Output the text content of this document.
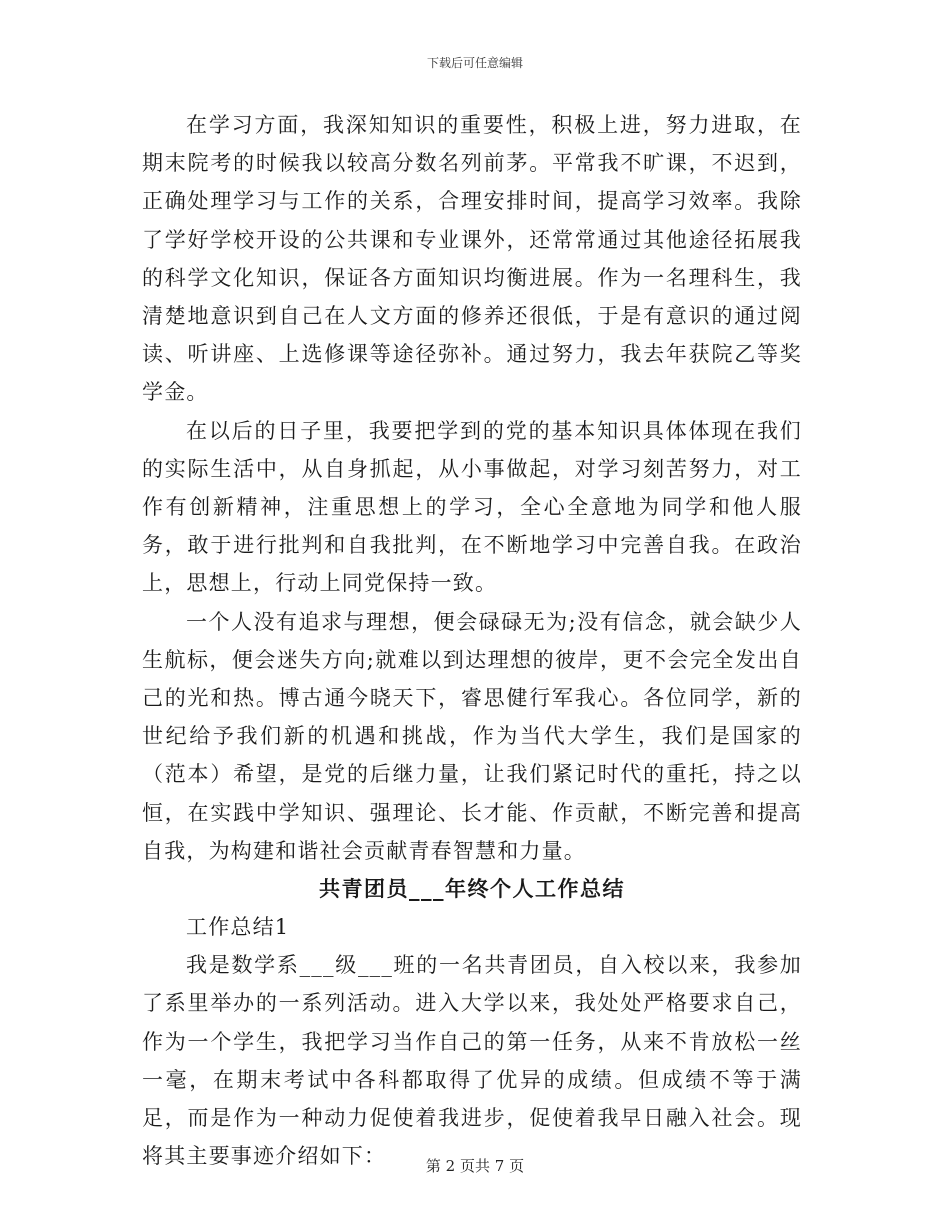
下载后可任意编辑

在学习方面，我深知知识的重要性，积极上进，努力进取，在期末院考的时候我以较高分数名列前茅。平常我不旷课，不迟到，正确处理学习与工作的关系，合理安排时间，提高学习效率。我除了学好学校开设的公共课和专业课外，还常常通过其他途径拓展我的科学文化知识，保证各方面知识均衡进展。作为一名理科生，我清楚地意识到自己在人文方面的修养还很低，于是有意识的通过阅读、听讲座、上选修课等途径弥补。通过努力，我去年获院乙等奖学金。

在以后的日子里，我要把学到的党的基本知识具体体现在我们的实际生活中，从自身抓起，从小事做起，对学习刻苦努力，对工作有创新精神，注重思想上的学习，全心全意地为同学和他人服务，敢于进行批判和自我批判，在不断地学习中完善自我。在政治上，思想上，行动上同党保持一致。

一个人没有追求与理想，便会碌碌无为;没有信念，就会缺少人生航标，便会迷失方向;就难以到达理想的彼岸，更不会完全发出自己的光和热。博古通今晓天下，睿思健行军我心。各位同学，新的世纪给予我们新的机遇和挑战，作为当代大学生，我们是国家的（范本）希望，是党的后继力量，让我们紧记时代的重托，持之以恒，在实践中学知识、强理论、长才能、作贡献，不断完善和提高自我，为构建和谐社会贡献青春智慧和力量。

共青团员___年终个人工作总结

工作总结1

我是数学系___级___班的一名共青团员，自入校以来，我参加了系里举办的一系列活动。进入大学以来，我处处严格要求自己，作为一个学生，我把学习当作自己的第一任务，从来不肯放松一丝一毫，在期末考试中各科都取得了优异的成绩。但成绩不等于满足，而是作为一种动力促使着我进步，促使着我早日融入社会。现将其主要事迹介绍如下：	第 2 页共 7 页
